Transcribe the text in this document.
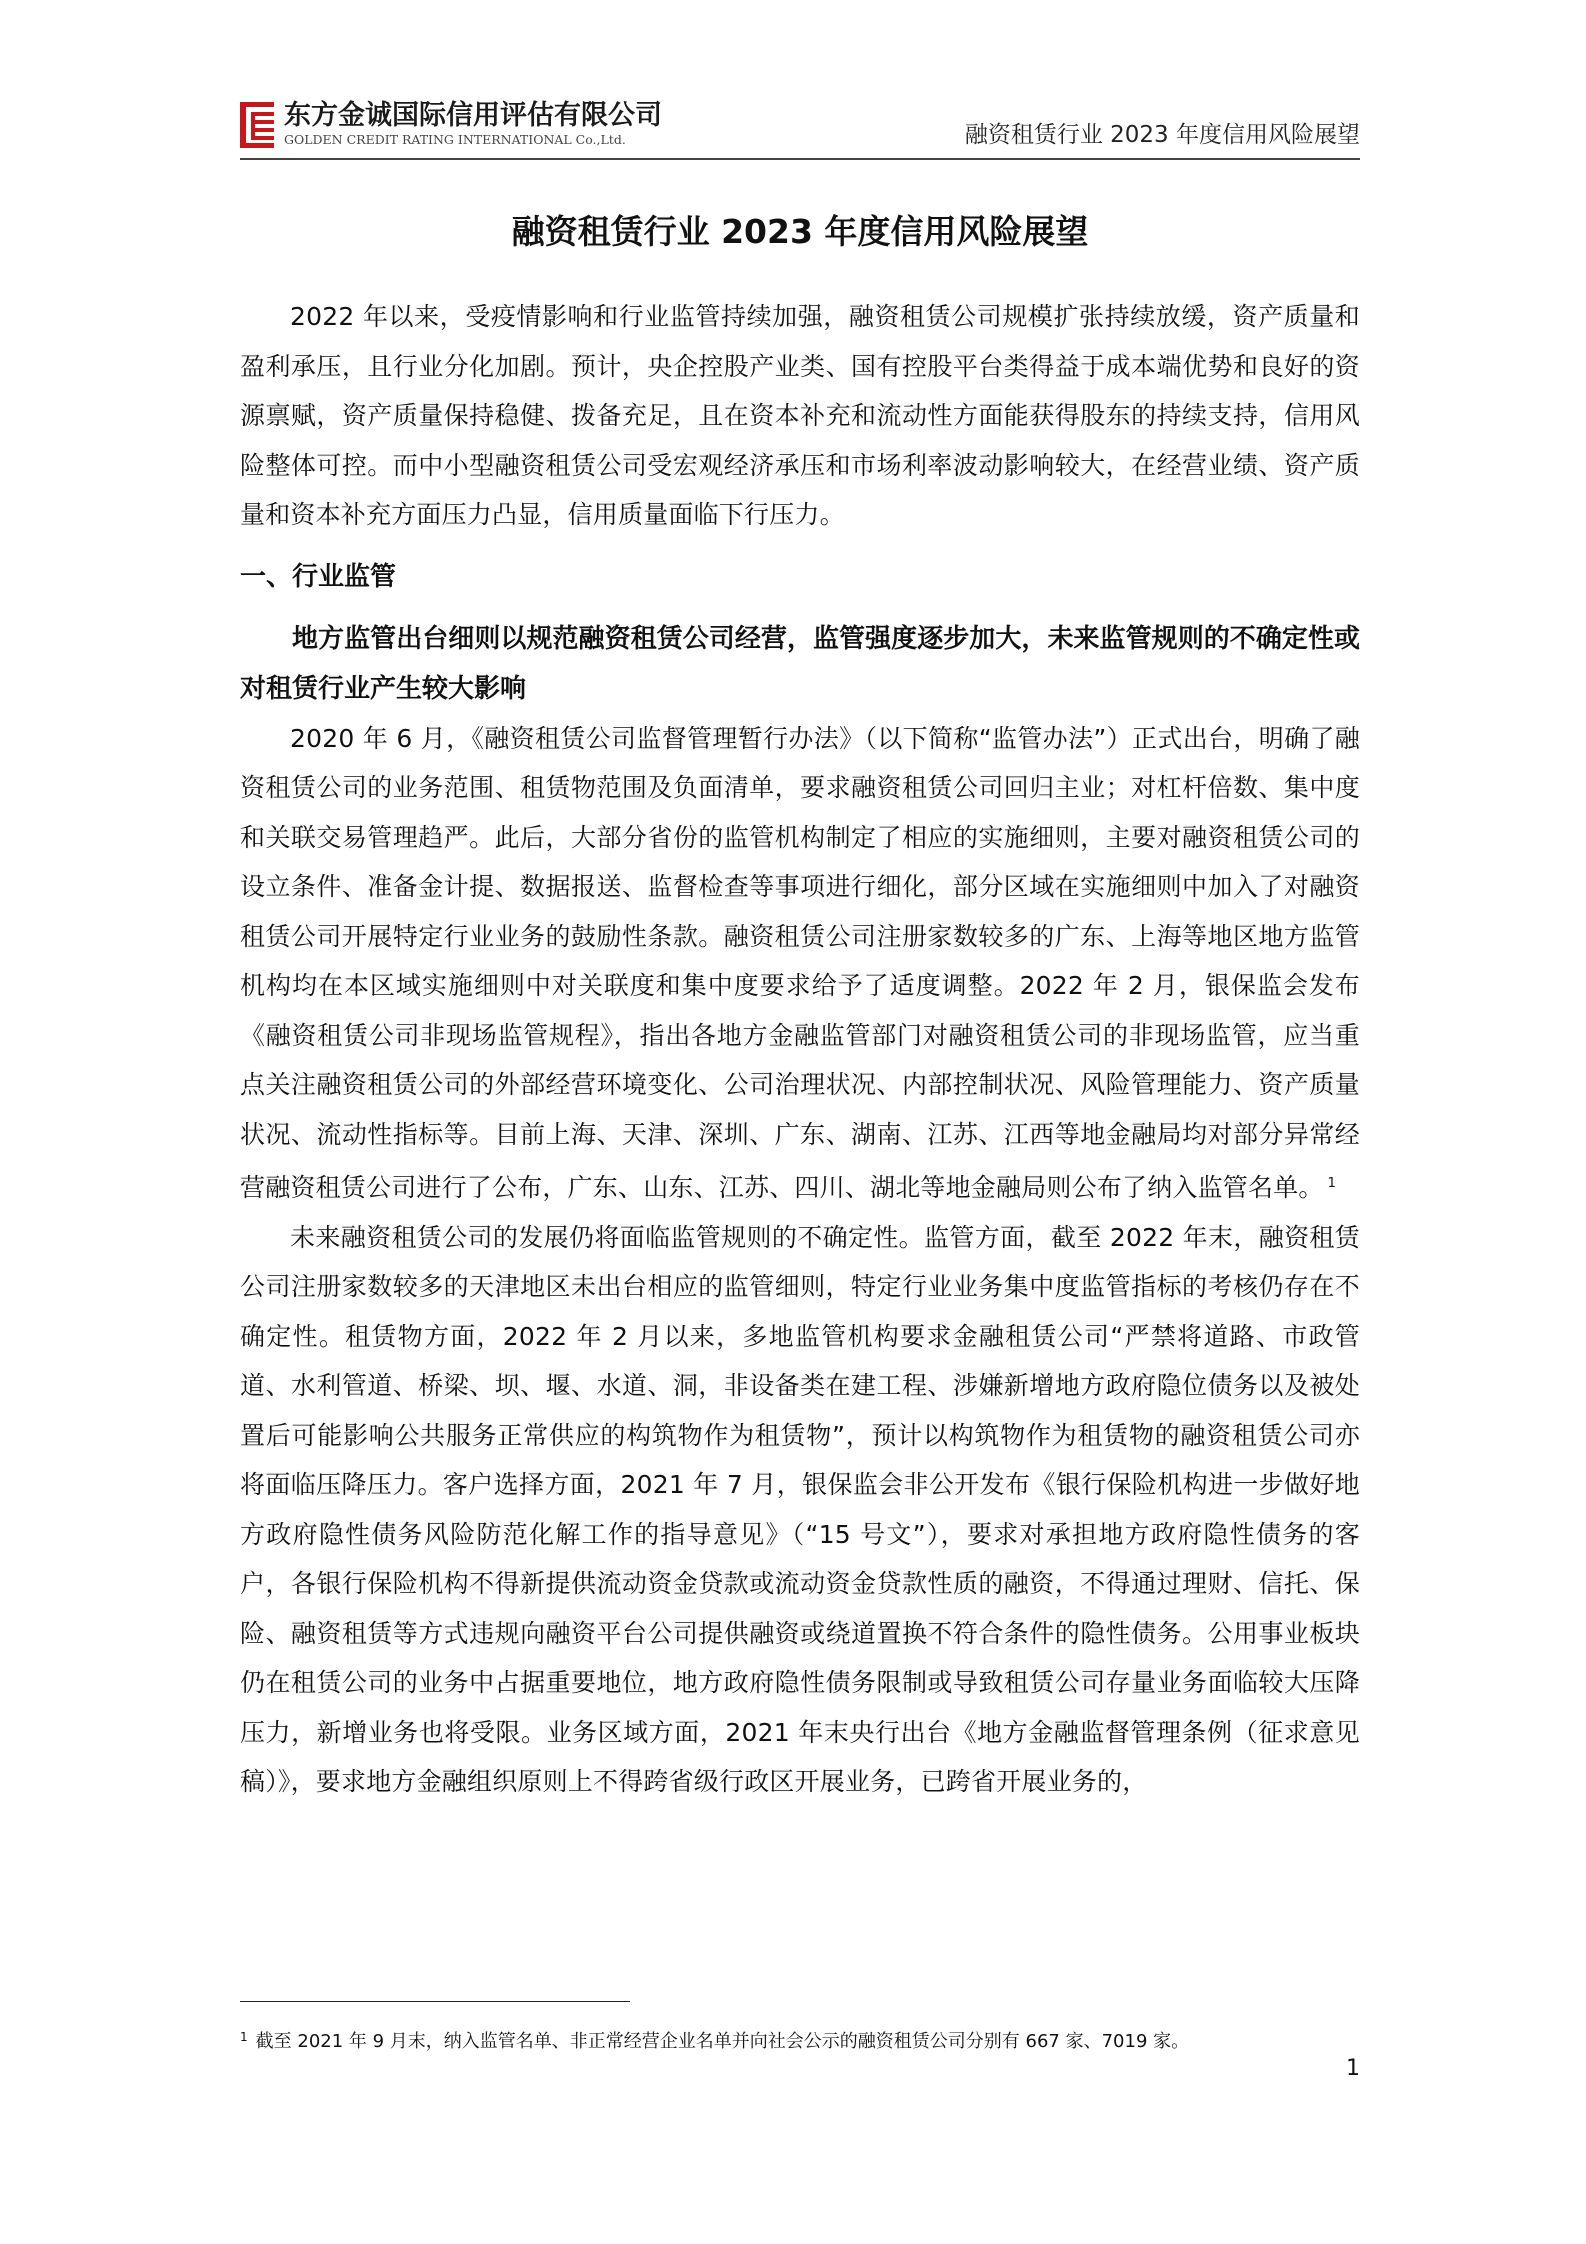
东方金诚国际信用评估有限公司
GOLDEN CREDIT RATING INTERNATIONAL Co.,Ltd.	融资租赁行业 2023 年度信用风险展望
融资租赁行业 2023 年度信用风险展望

2022 年以来，受疫情影响和行业监管持续加强，融资租赁公司规模扩张持续放缓，资产质量和盈利承压，且行业分化加剧。预计，央企控股产业类、国有控股平台类得益于成本端优势和良好的资源禀赋，资产质量保持稳健、拨备充足，且在资本补充和流动性方面能获得股东的持续支持，信用风险整体可控。而中小型融资租赁公司受宏观经济承压和市场利率波动影响较大，在经营业绩、资产质量和资本补充方面压力凸显，信用质量面临下行压力。

一、行业监管

地方监管出台细则以规范融资租赁公司经营，监管强度逐步加大，未来监管规则的不确定性或对租赁行业产生较大影响

2020 年 6 月，《融资租赁公司监督管理暂行办法》（以下简称“监管办法”）正式出台，明确了融资租赁公司的业务范围、租赁物范围及负面清单，要求融资租赁公司回归主业；对杠杆倍数、集中度和关联交易管理趋严。此后，大部分省份的监管机构制定了相应的实施细则，主要对融资租赁公司的设立条件、准备金计提、数据报送、监督检查等事项进行细化，部分区域在实施细则中加入了对融资租赁公司开展特定行业业务的鼓励性条款。融资租赁公司注册家数较多的广东、上海等地区地方监管机构均在本区域实施细则中对关联度和集中度要求给予了适度调整。2022 年 2 月，银保监会发布《融资租赁公司非现场监管规程》，指出各地方金融监管部门对融资租赁公司的非现场监管，应当重点关注融资租赁公司的外部经营环境变化、公司治理状况、内部控制状况、风险管理能力、资产质量状况、流动性指标等。目前上海、天津、深圳、广东、湖南、江苏、江西等地金融局均对部分异常经营融资租赁公司进行了公布，广东、山东、江苏、四川、湖北等地金融局则公布了纳入监管名单。 $^1$

未来融资租赁公司的发展仍将面临监管规则的不确定性。监管方面，截至 2022 年末，融资租赁公司注册家数较多的天津地区未出台相应的监管细则，特定行业业务集中度监管指标的考核仍存在不确定性。租赁物方面，2022 年 2 月以来，多地监管机构要求金融租赁公司“严禁将道路、市政管道、水利管道、桥梁、坝、堰、水道、洞，非设备类在建工程、涉嫌新增地方政府隐位债务以及被处置后可能影响公共服务正常供应的构筑物作为租赁物”，预计以构筑物作为租赁物的融资租赁公司亦将面临压降压力。客户选择方面，2021 年 7 月，银保监会非公开发布《银行保险机构进一步做好地方政府隐性债务风险防范化解工作的指导意见》（“15 号文”），要求对承担地方政府隐性债务的客户，各银行保险机构不得新提供流动资金贷款或流动资金贷款性质的融资，不得通过理财、信托、保险、融资租赁等方式违规向融资平台公司提供融资或绕道置换不符合条件的隐性债务。公用事业板块仍在租赁公司的业务中占据重要地位，地方政府隐性债务限制或导致租赁公司存量业务面临较大压降压力，新增业务也将受限。业务区域方面，2021 年末央行出台《地方金融监督管理条例（征求意见稿）》，要求地方金融组织原则上不得跨省级行政区开展业务，已跨省开展业务的，

$^1$ 截至 2021 年 9 月末，纳入监管名单、非正常经营企业名单并向社会公示的融资租赁公司分别有 667 家、7019 家。
1
